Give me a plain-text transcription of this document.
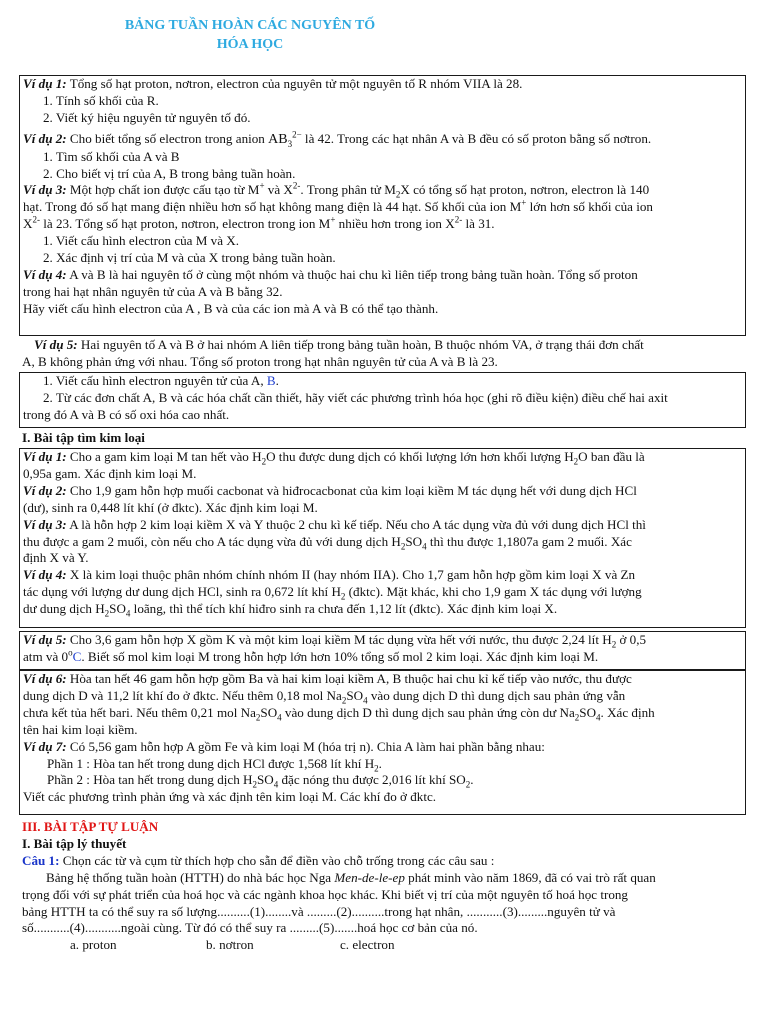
BẢNG TUẦN HOÀN CÁC NGUYÊN TỐ
HÓA HỌC

Ví dụ 1: Tổng số hạt proton, nơtron, electron của nguyên tử một nguyên tố R nhóm VIIA là 28.

1. Tính số khối của R.

2. Viết ký hiệu nguyên tử nguyên tố đó.

Ví dụ 2: Cho biết tổng số electron trong anion $AB_3^{2-}$ là 42. Trong các hạt nhân A và B đều có số proton bằng số nơtron.

1. Tìm số khối của A và B

2. Cho biết vị trí của A, B trong bảng tuần hoàn.

Ví dụ 3: Một hợp chất ion được cấu tạo từ M+ và $X^{2-}$. Trong phân tử $M_2X$ có tổng số hạt proton, nơtron, electron là 140
hạt. Trong đó số hạt mang điện nhiều hơn số hạt không mang điện là 44 hạt. Số khối của ion M+ lớn hơn số khối của ion
$X^{2-}$ là 23. Tổng số hạt proton, nơtron, electron trong ion M+ nhiều hơn trong ion $X^{2-}$ là 31.

1. Viết cấu hình electron của M và X.

2. Xác định vị trí của M và của X trong bảng tuần hoàn.

Ví dụ 4: A và B là hai nguyên tố ở cùng một nhóm và thuộc hai chu kì liên tiếp trong bảng tuần hoàn. Tổng số proton
trong hai hạt nhân nguyên tử của A và B bằng 32.
Hãy viết cấu hình electron của A , B và của các ion mà A và B có thể tạo thành.

Ví dụ 5: Hai nguyên tố A và B ở hai nhóm A liên tiếp trong bảng tuần hoàn, B thuộc nhóm VA, ở trạng thái đơn chất
A, B không phản ứng với nhau. Tổng số proton trong hạt nhân nguyên tử của A và B là 23.

1. Viết cấu hình electron nguyên tử của A, B.

2. Từ các đơn chất A, B và các hóa chất cần thiết, hãy viết các phương trình hóa học (ghi rõ điều kiện) điều chế hai axit
trong đó A và B có số oxi hóa cao nhất.

I. Bài tập tìm kim loại

Ví dụ 1: Cho a gam kim loại M tan hết vào $H_2O$ thu được dung dịch có khối lượng lớn hơn khối lượng $H_2O$ ban đầu là
0,95a gam. Xác định kim loại M.

Ví dụ 2: Cho 1,9 gam hỗn hợp muối cacbonat và hiđrocacbonat của kim loại kiềm M tác dụng hết với dung dịch HCl
(dư), sinh ra 0,448 lít khí (ở đktc). Xác định kim loại M.

Ví dụ 3: A là hỗn hợp 2 kim loại kiềm X và Y thuộc 2 chu kì kế tiếp. Nếu cho A tác dụng vừa đủ với dung dịch HCl thì
thu được a gam 2 muối, còn nếu cho A tác dụng vừa đủ với dung dịch $H_2SO_4$ thì thu được 1,1807a gam 2 muối. Xác
định X và Y.

Ví dụ 4: X là kim loại thuộc phân nhóm chính nhóm II (hay nhóm IIA). Cho 1,7 gam hỗn hợp gồm kim loại X và Zn
tác dụng với lượng dư dung dịch HCl, sinh ra 0,672 lít khí $H_2$ (đktc). Mặt khác, khi cho 1,9 gam X tác dụng với lượng
dư dung dịch $H_2SO_4$ loãng, thì thể tích khí hiđro sinh ra chưa đến 1,12 lít (đktc). Xác định kim loại X.

Ví dụ 5: Cho 3,6 gam hỗn hợp X gồm K và một kim loại kiềm M tác dụng vừa hết với nước, thu được 2,24 lít $H_2$ ở 0,5
atm và 0$^o$C. Biết số mol kim loại M trong hỗn hợp lớn hơn 10% tổng số mol 2 kim loại. Xác định kim loại M.

Ví dụ 6: Hòa tan hết 46 gam hỗn hợp gồm Ba và hai kim loại kiềm A, B thuộc hai chu kỉ kế tiếp vào nước, thu được
dung dịch D và 11,2 lít khí đo ở đktc. Nếu thêm 0,18 mol $Na_2SO_4$ vào dung dịch D thì dung dịch sau phản ứng vẫn
chưa kết tủa hết bari. Nếu thêm 0,21 mol $Na_2SO_4$ vào dung dịch D thì dung dịch sau phản ứng còn dư $Na_2SO_4$. Xác định
tên hai kim loại kiềm.

Ví dụ 7: Có 5,56 gam hỗn hợp A gồm Fe và kim loại M (hóa trị n). Chia A làm hai phần bằng nhau:

Phần 1 : Hòa tan hết trong dung dịch HCl được 1,568 lít khí $H_2$.

Phần 2 : Hòa tan hết trong dung dịch $H_2SO_4$ đặc nóng thu được 2,016 lít khí $SO_2$.

Viết các phương trình phản ứng và xác định tên kim loại M. Các khí đo ở đktc.

III. BÀI TẬP TỰ LUẬN

I. Bài tập lý thuyết

Câu 1: Chọn các từ và cụm từ thích hợp cho sẵn để điền vào chỗ trống trong các câu sau :

Bảng hệ thống tuần hoàn (HTTH) do nhà bác học Nga Men-de-le-ep phát minh vào năm 1869, đã có vai trò rất quan
trọng đối với sự phát triển của hoá học và các ngành khoa học khác. Khi biết vị trí của một nguyên tố hoá học trong
bảng HTTH ta có thể suy ra số lượng..........(1)........và .........(2)..........trong hạt nhân, ...........(3).........nguyên tử và
số...........(4)...........ngoài cùng. Từ đó có thể suy ra .........(5).......hoá học cơ bản của nó.

a. proton	b. nơtron	c. electron
